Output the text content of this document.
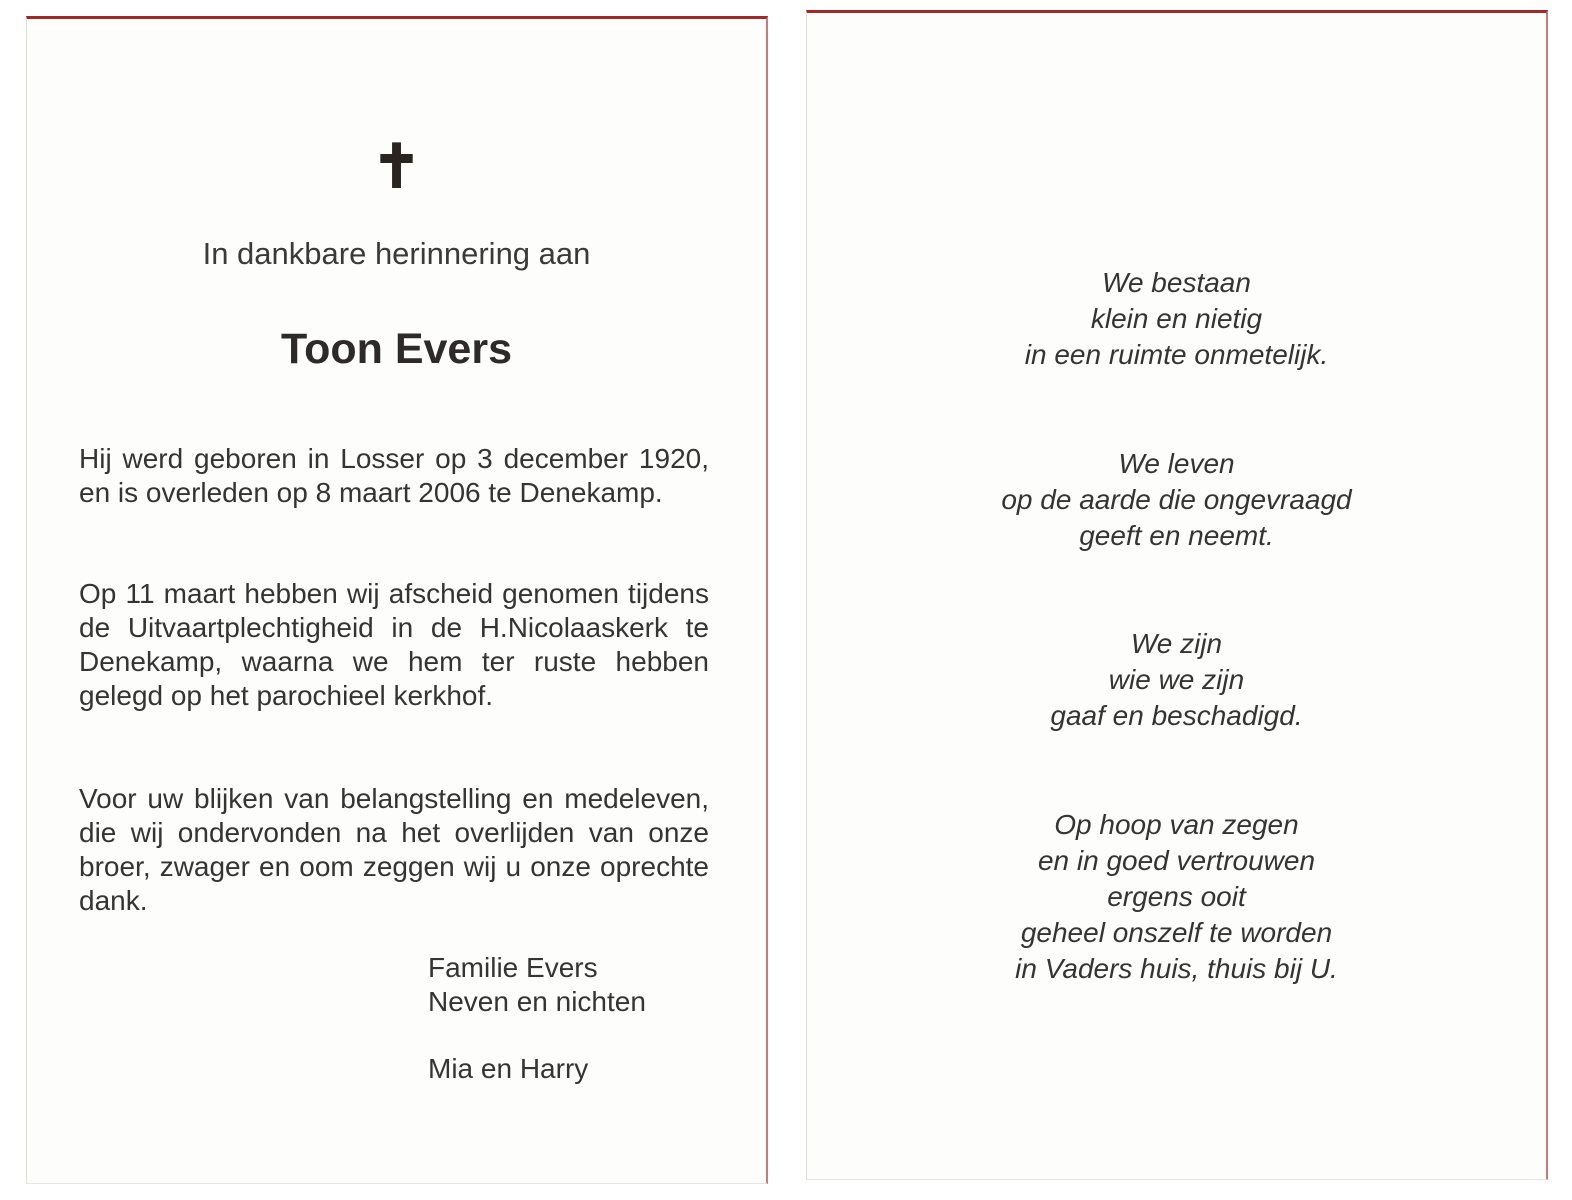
✝
In dankbare herinnering aan
Toon Evers

Hij werd geboren in Losser op 3 december 1920, en is overleden op 8 maart 2006 te Denekamp.

Op 11 maart hebben wij afscheid genomen tijdens de Uitvaartplechtigheid in de H.Nicolaaskerk te Denekamp, waarna we hem ter ruste hebben gelegd op het parochieel kerkhof.

Voor uw blijken van belangstelling en medeleven, die wij ondervonden na het overlijden van onze broer, zwager en oom zeggen wij u onze oprechte dank.

Familie Evers
Neven en nichten
Mia en Harry
We bestaan
klein en nietig
in een ruimte onmetelijk.
We leven
op de aarde die ongevraagd
geeft en neemt.
We zijn
wie we zijn
gaaf en beschadigd.
Op hoop van zegen
en in goed vertrouwen
ergens ooit
geheel onszelf te worden
in Vaders huis, thuis bij U.
